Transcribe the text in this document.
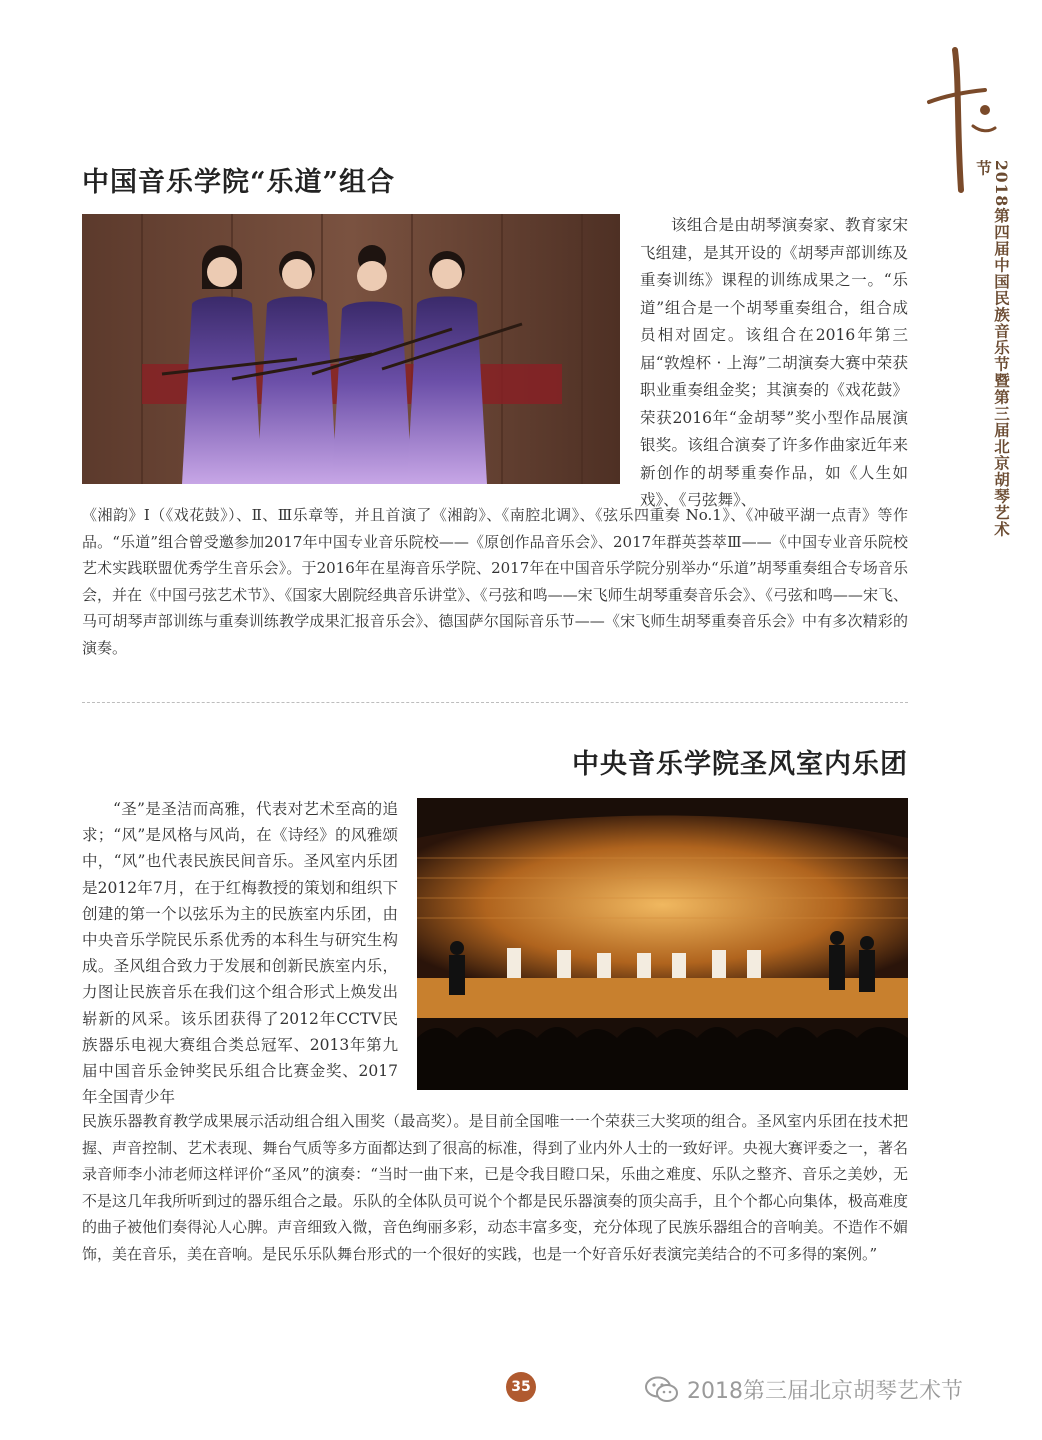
2018第四届中国民族音乐节暨第三届北京胡琴艺术节
中国音乐学院“乐道”组合

该组合是由胡琴演奏家、教育家宋飞组建，是其开设的《胡琴声部训练及重奏训练》课程的训练成果之一。“乐道”组合是一个胡琴重奏组合，组合成员相对固定。该组合在2016年第三届“敦煌杯 · 上海”二胡演奏大赛中荣获职业重奏组金奖；其演奏的《戏花鼓》荣获2016年“金胡琴”奖小型作品展演银奖。该组合演奏了许多作曲家近年来新创作的胡琴重奏作品，如《人生如戏》、《弓弦舞》、

《湘韵》Ⅰ（《戏花鼓》）、Ⅱ、Ⅲ乐章等，并且首演了《湘韵》、《南腔北调》、《弦乐四重奏 No.1》、《冲破平湖一点青》等作品。“乐道”组合曾受邀参加2017年中国专业音乐院校——《原创作品音乐会》、2017年群英荟萃Ⅲ——《中国专业音乐院校艺术实践联盟优秀学生音乐会》。于2016年在星海音乐学院、2017年在中国音乐学院分别举办“乐道”胡琴重奏组合专场音乐会，并在《中国弓弦艺术节》、《国家大剧院经典音乐讲堂》、《弓弦和鸣——宋飞师生胡琴重奏音乐会》、《弓弦和鸣——宋飞、马可胡琴声部训练与重奏训练教学成果汇报音乐会》、德国萨尔国际音乐节——《宋飞师生胡琴重奏音乐会》中有多次精彩的演奏。

中央音乐学院圣风室内乐团

“圣”是圣洁而高雅，代表对艺术至高的追求；“风”是风格与风尚，在《诗经》的风雅颂中，“风”也代表民族民间音乐。圣风室内乐团是2012年7月，在于红梅教授的策划和组织下创建的第一个以弦乐为主的民族室内乐团，由中央音乐学院民乐系优秀的本科生与研究生构成。圣风组合致力于发展和创新民族室内乐，力图让民族音乐在我们这个组合形式上焕发出崭新的风采。该乐团获得了2012年CCTV民族器乐电视大赛组合类总冠军、2013年第九届中国音乐金钟奖民乐组合比赛金奖、2017年全国青少年

民族乐器教育教学成果展示活动组合组入围奖（最高奖）。是目前全国唯一一个荣获三大奖项的组合。圣风室内乐团在技术把握、声音控制、艺术表现、舞台气质等多方面都达到了很高的标准，得到了业内外人士的一致好评。央视大赛评委之一，著名录音师李小沛老师这样评价“圣风”的演奏：“当时一曲下来，已是令我目瞪口呆，乐曲之难度、乐队之整齐、音乐之美妙，无不是这几年我所听到过的器乐组合之最。乐队的全体队员可说个个都是民乐器演奏的顶尖高手，且个个都心向集体，极高难度的曲子被他们奏得沁人心脾。声音细致入微，音色绚丽多彩，动态丰富多变，充分体现了民族乐器组合的音响美。不造作不媚饰，美在音乐，美在音响。是民乐乐队舞台形式的一个很好的实践，也是一个好音乐好表演完美结合的不可多得的案例。”

35	2018第三届北京胡琴艺术节
